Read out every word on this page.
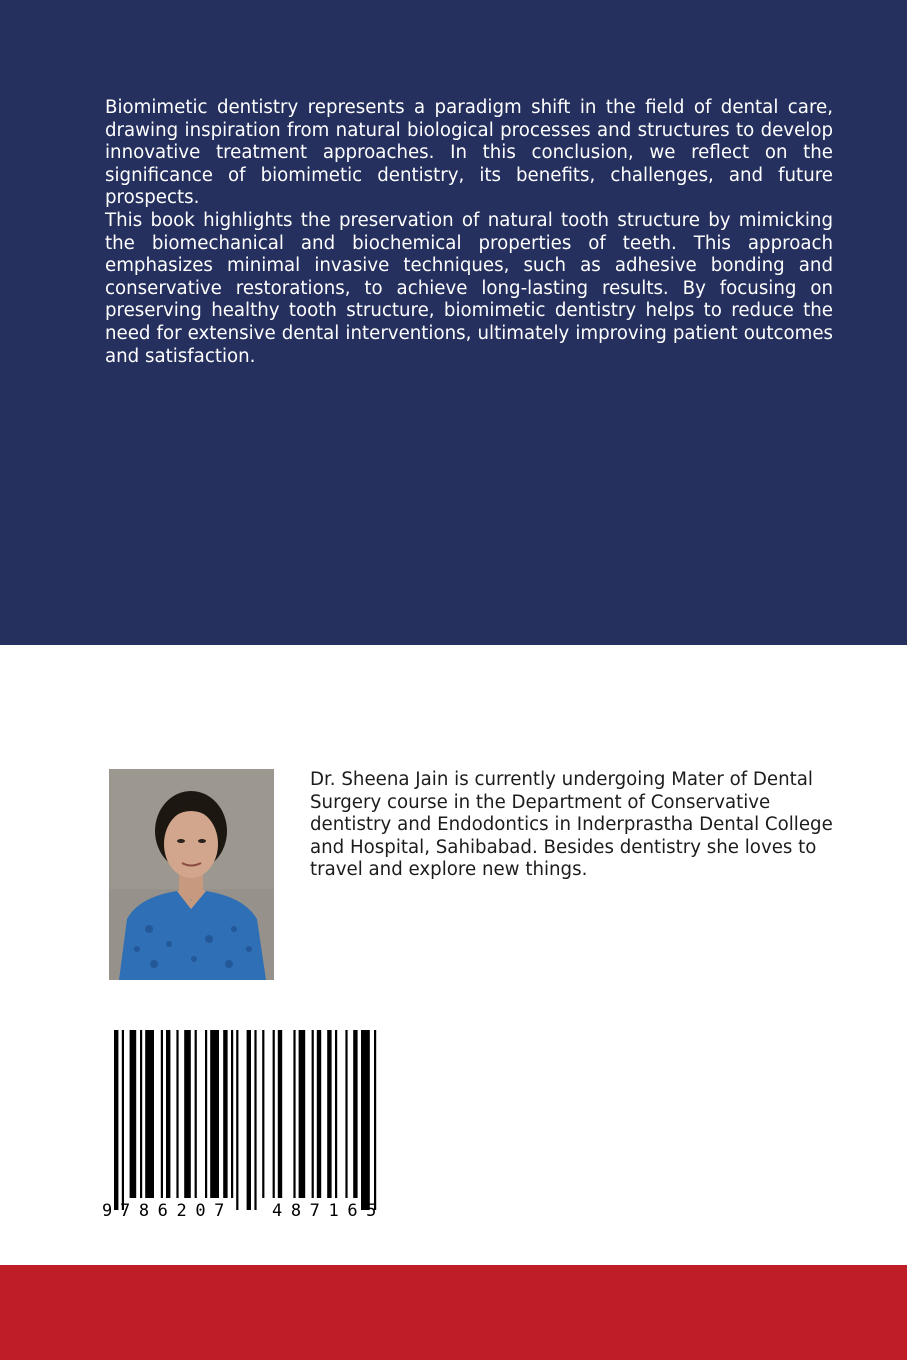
Biomimetic dentistry represents a paradigm shift in the field of dental care, drawing inspiration from natural biological processes and structures to develop innovative treatment approaches. In this conclusion, we reflect on the significance of biomimetic dentistry, its benefits, challenges, and future prospects.

This book highlights the preservation of natural tooth structure by mimicking the biomechanical and biochemical properties of teeth. This approach emphasizes minimal invasive techniques, such as adhesive bonding and conservative restorations, to achieve long-lasting results. By focusing on preserving healthy tooth structure, biomimetic dentistry helps to reduce the need for extensive dental interventions, ultimately improving patient outcomes and satisfaction.

Dr. Sheena Jain is currently undergoing Mater of Dental Surgery course in the Department of Conservative dentistry and Endodontics in Inderprastha Dental College and Hospital, Sahibabad. Besides dentistry she loves to travel and explore new things.
9 786207 487165
